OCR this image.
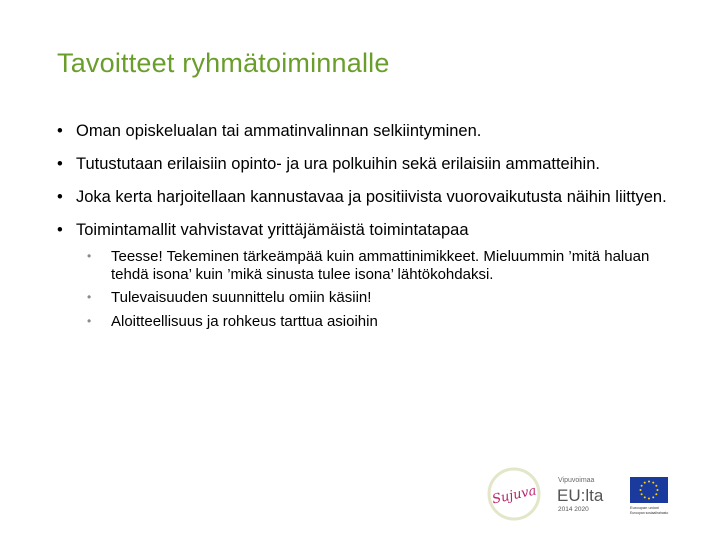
Tavoitteet ryhmätoiminnalle
• Oman opiskelualan tai ammatinvalinnan selkiintyminen.
• Tutustutaan erilaisiin opinto- ja ura polkuihin sekä erilaisiin ammatteihin.
• Joka kerta harjoitellaan kannustavaa ja positiivista vuorovaikutusta näihin liittyen.
• Toimintamallit vahvistavat yrittäjämäistä toimintatapaa
• Teesse! Tekeminen tärkeämpää kuin ammattinimikkeet. Mieluummin ’mitä haluan tehdä isona’ kuin ’mikä sinusta tulee isona’ lähtökohdaksi.
• Tulevaisuuden suunnittelu omiin käsiin!
• Aloitteellisuus ja rohkeus tarttua asioihin
Sujuva
Vipuvoimaa
EU:lta
2014 2020	Euroopan unioni
Euroopan sosiaalirahasto
